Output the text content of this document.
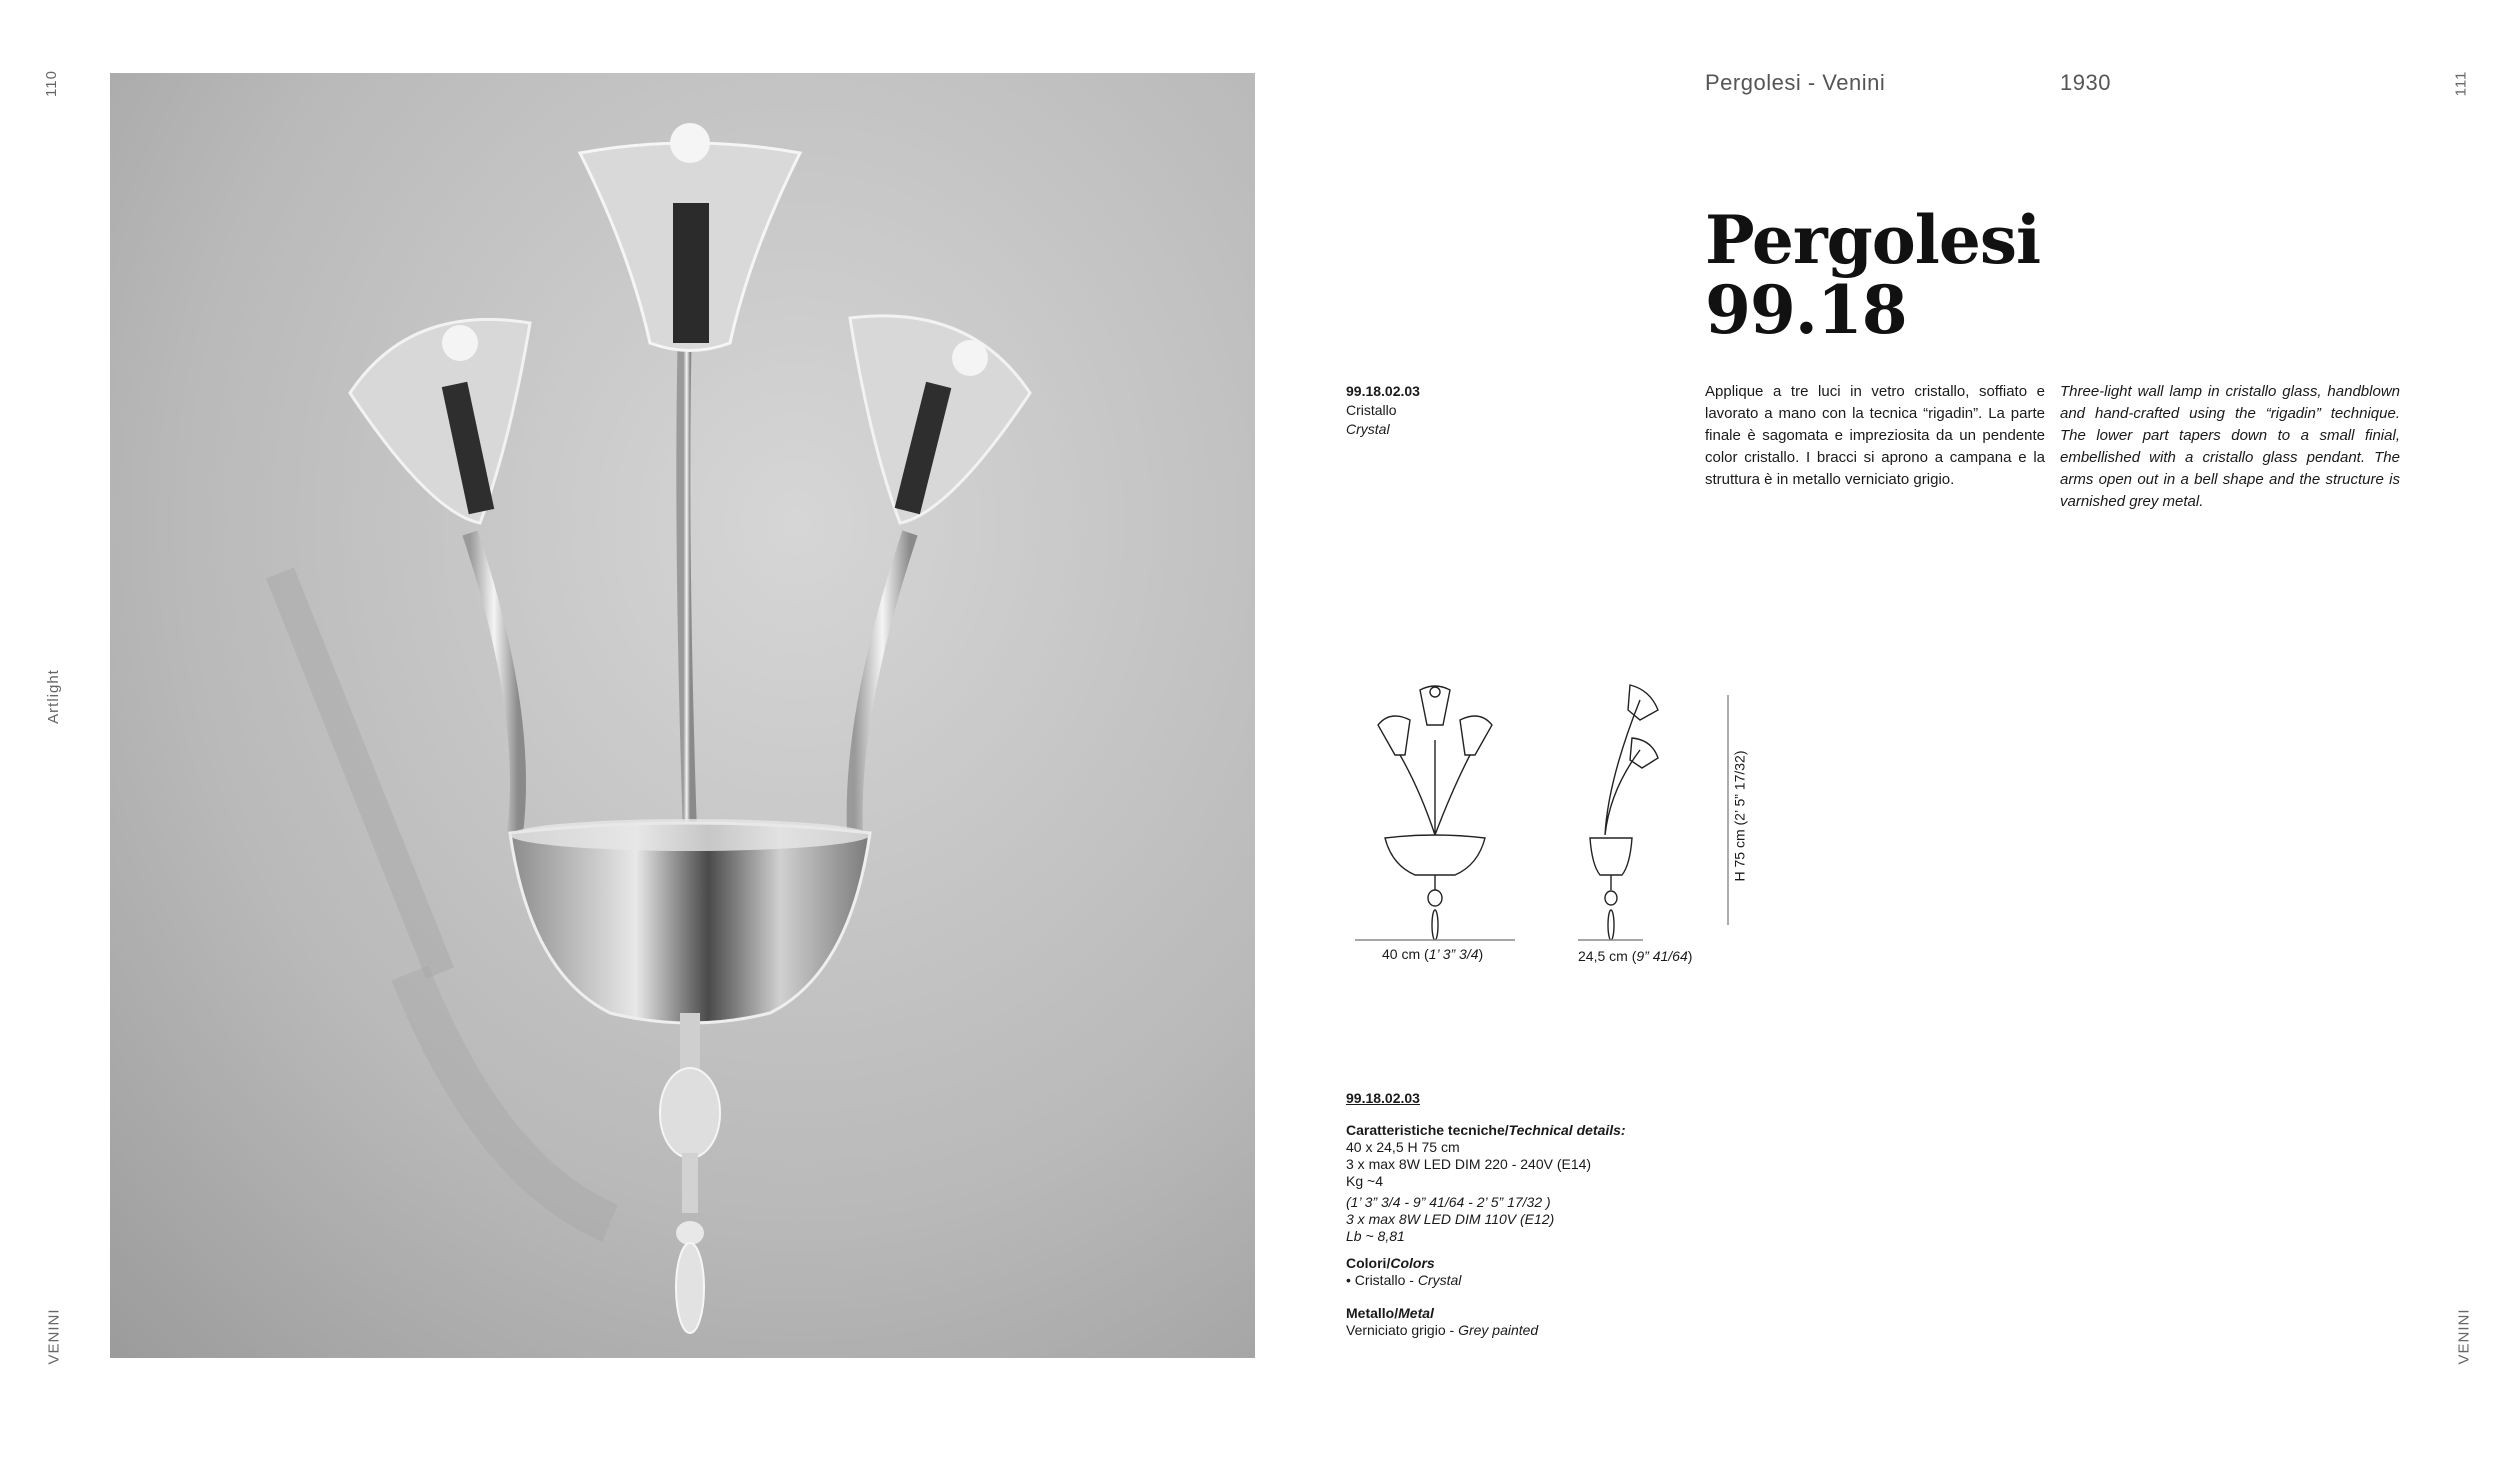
110
Artlight
VENINI
111
VENINI
Pergolesi - Venini	1930
Pergolesi
99.18
99.18.02.03
Cristallo
Crystal
Applique a tre luci in vetro cristallo, soffiato e lavorato a mano con la tecnica “rigadin”. La parte finale è sagomata e impreziosita da un pendente color cristallo. I bracci si aprono a campana e la struttura è in metallo verniciato grigio.
Three-light wall lamp in cristallo glass, handblown and hand-crafted using the “rigadin” technique. The lower part tapers down to a small finial, embellished with a cristallo glass pendant. The arms open out in a bell shape and the structure is varnished grey metal.
40 cm (1’ 3” 3/4)	24,5 cm (9” 41/64)
H 75 cm (2’ 5” 17/32)
99.18.02.03

Caratteristiche tecniche/Technical details:

40 x 24,5 H 75 cm

3 x max 8W LED DIM 220 - 240V (E14)

Kg ~4

(1’ 3” 3/4 - 9” 41/64 - 2’ 5” 17/32 )

3 x max 8W LED DIM 110V (E12)

Lb ~ 8,81

Colori/Colors

• Cristallo - Crystal

Metallo/Metal

Verniciato grigio - Grey painted
